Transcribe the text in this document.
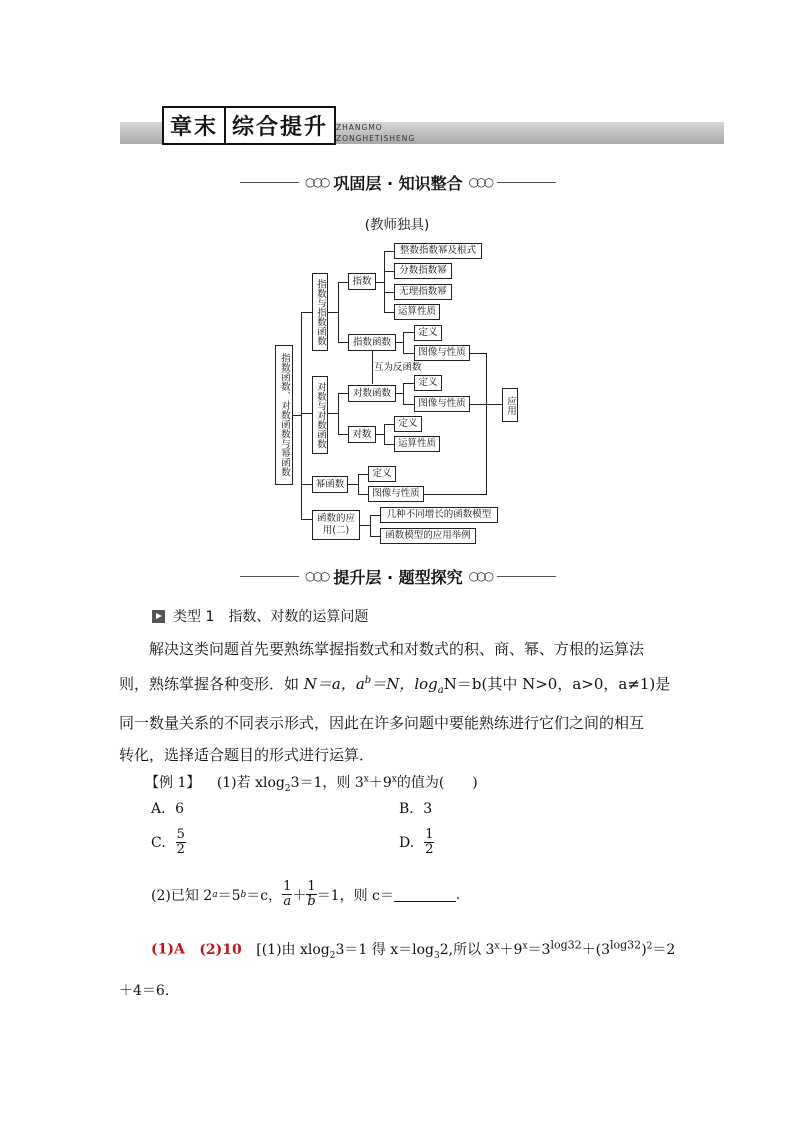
章末 综合提升	ZHANGMO
ZONGHETISHENG
○○○ 巩固层 · 知识整合 ○○○
(教师独具)
指数函数、对数函数与幂函数
指数与指数函数	指数
整数指数幂及根式
分数指数幂
无理指数幂
运算性质
指数函数
定义
图像与性质
互为反函数
对数与对数函数	对数函数
定义
图像与性质
对数
定义
运算性质
幂函数
定义
图像与性质
函数的应用(二)
几种不同增长的函数模型
函数模型的应用举例
应用
○○○ 提升层 · 题型探究 ○○○
类型 1　指数、对数的运算问题
解决这类问题首先要熟练掌握指数式和对数式的积、商、幂、方根的运算法
则，熟练掌握各种变形．如 N＝a，$a^b=N$，$\log_aN=b$(其中 N>0，a>0，a≠1)是
同一数量关系的不同表示形式，因此在许多问题中要能熟练进行它们之间的相互
转化，选择适合题目的形式进行运算．
【例 1】 (1)若 xlog$_2$3＝1，则 $3^x+9^x$的值为(　　)
A．6	B．3
C. $\frac{5}{2}$	D. $\frac{1}{2}$
(2)已知 2 a ＝5 b ＝c， $\frac{1}{a} + \frac{1}{b} =1$，则 c＝	.
(1)A (2)10 [(1)由 xlog$_2$3＝1 得 $x=\log_32$,所以 $3^x+9^x=3^{log32}+(3^{log32})^2=2$
＋4＝6.
